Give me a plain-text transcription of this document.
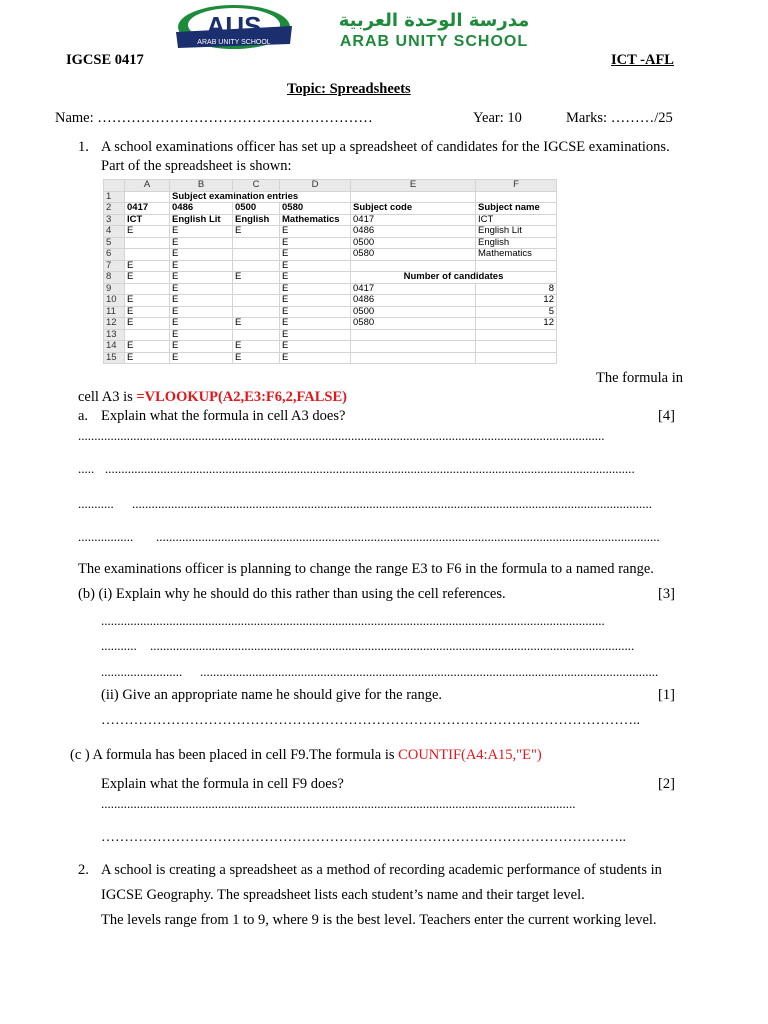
AUS
ARAB UNITY SCHOOL
مدرسة الوحدة العربية
ARAB UNITY SCHOOL
IGCSE 0417	ICT -AFL
Topic: Spreadsheets
Name: …………………………………………………	Year: 10	Marks: ………/25
1. A school examinations officer has set up a spreadsheet of candidates for the IGCSE examinations.
Part of the spreadsheet is shown:
	A	B	C	D	E	F
1		Subject examination entries				
2	0417	0486	0500	0580	Subject code	Subject name
3	ICT	English Lit	English	Mathematics	0417	ICT
4	E	E	E	E	0486	English Lit
5		E		E	0500	English
6		E		E	0580	Mathematics
7	E	E		E		
8	E	E	E	E	Number of candidates	
9		E		E	0417	8
10	E	E		E	0486	12
11	E	E		E	0500	5
12	E	E	E	E	0580	12
13		E		E		
14	E	E	E	E		
15	E	E	E	E		
The formula in
cell A3 is =VLOOKUP(A2,E3:F6,2,FALSE)
a. Explain what the formula in cell A3 does?	[4]
..................................................................................................................................................................
..... ...................................................................................................................................................................
...........	................................................................................................................................................................
.................	...........................................................................................................................................................
The examinations officer is planning to change the range E3 to F6 in the formula to a named range.
(b) (i) Explain why he should do this rather than using the cell references.	[3]
...........................................................................................................................................................
...........	.....................................................................................................................................................
.........................	.............................................................................................................................................
(ii) Give an appropriate name he should give for the range.	[1]
……………………………………………………………………………………………………..
(c ) A formula has been placed in cell F9.The formula is COUNTIF(A4:A15,"E")
Explain what the formula in cell F9 does?	[2]
..................................................................................................................................................
…………………………………………………………………………………………………..
2. A school is creating a spreadsheet as a method of recording academic performance of students in
IGCSE Geography. The spreadsheet lists each student’s name and their target level.
The levels range from 1 to 9, where 9 is the best level. Teachers enter the current working level.
